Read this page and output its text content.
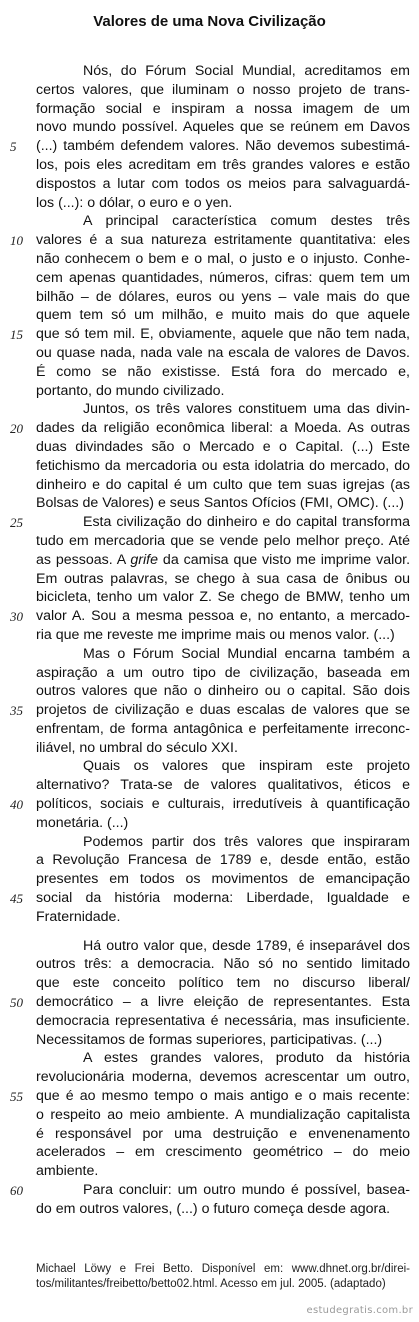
Valores de uma Nova Civilização
5
10
15
20
25
30
35
40
45
50
55
60
Nós, do Fórum Social Mundial, acreditamos em
certos valores, que iluminam o nosso projeto de trans-
formação social e inspiram a nossa imagem de um
novo mundo possível. Aqueles que se reúnem em Davos
(...) também defendem valores. Não devemos subestimá-
los, pois eles acreditam em três grandes valores e estão
dispostos a lutar com todos os meios para salvaguardá-
los (...): o dólar, o euro e o yen.
A principal característica comum destes três
valores é a sua natureza estritamente quantitativa: eles
não conhecem o bem e o mal, o justo e o injusto. Conhe-
cem apenas quantidades, números, cifras: quem tem um
bilhão – de dólares, euros ou yens – vale mais do que
quem tem só um milhão, e muito mais do que aquele
que só tem mil. E, obviamente, aquele que não tem nada,
ou quase nada, nada vale na escala de valores de Davos.
É como se não existisse. Está fora do mercado e,
portanto, do mundo civilizado.
Juntos, os três valores constituem uma das divin-
dades da religião econômica liberal: a Moeda. As outras
duas divindades são o Mercado e o Capital. (...) Este
fetichismo da mercadoria ou esta idolatria do mercado, do
dinheiro e do capital é um culto que tem suas igrejas (as
Bolsas de Valores) e seus Santos Ofícios (FMI, OMC). (...)
Esta civilização do dinheiro e do capital transforma
tudo em mercadoria que se vende pelo melhor preço. Até
as pessoas. A grife da camisa que visto me imprime valor.
Em outras palavras, se chego à sua casa de ônibus ou
bicicleta, tenho um valor Z. Se chego de BMW, tenho um
valor A. Sou a mesma pessoa e, no entanto, a mercado-
ria que me reveste me imprime mais ou menos valor. (...)
Mas o Fórum Social Mundial encarna também a
aspiração a um outro tipo de civilização, baseada em
outros valores que não o dinheiro ou o capital. São dois
projetos de civilização e duas escalas de valores que se
enfrentam, de forma antagônica e perfeitamente irreconc-
iliável, no umbral do século XXI.
Quais os valores que inspiram este projeto
alternativo? Trata-se de valores qualitativos, éticos e
políticos, sociais e culturais, irredutíveis à quantificação
monetária. (...)
Podemos partir dos três valores que inspiraram
a Revolução Francesa de 1789 e, desde então, estão
presentes em todos os movimentos de emancipação
social da história moderna: Liberdade, Igualdade e
Fraternidade.
Há outro valor que, desde 1789, é inseparável dos
outros três: a democracia. Não só no sentido limitado
que este conceito político tem no discurso liberal/
democrático – a livre eleição de representantes. Esta
democracia representativa é necessária, mas insuficiente.
Necessitamos de formas superiores, participativas. (...)
A estes grandes valores, produto da história
revolucionária moderna, devemos acrescentar um outro,
que é ao mesmo tempo o mais antigo e o mais recente:
o respeito ao meio ambiente. A mundialização capitalista
é responsável por uma destruição e envenenamento
acelerados – em crescimento geométrico – do meio
ambiente.
Para concluir: um outro mundo é possível, basea-
do em outros valores, (...) o futuro começa desde agora.
Michael Löwy e Frei Betto. Disponível em: www.dhnet.org.br/direi-
tos/militantes/freibetto/betto02.html. Acesso em jul. 2005. (adaptado)
estudegratis.com.br
